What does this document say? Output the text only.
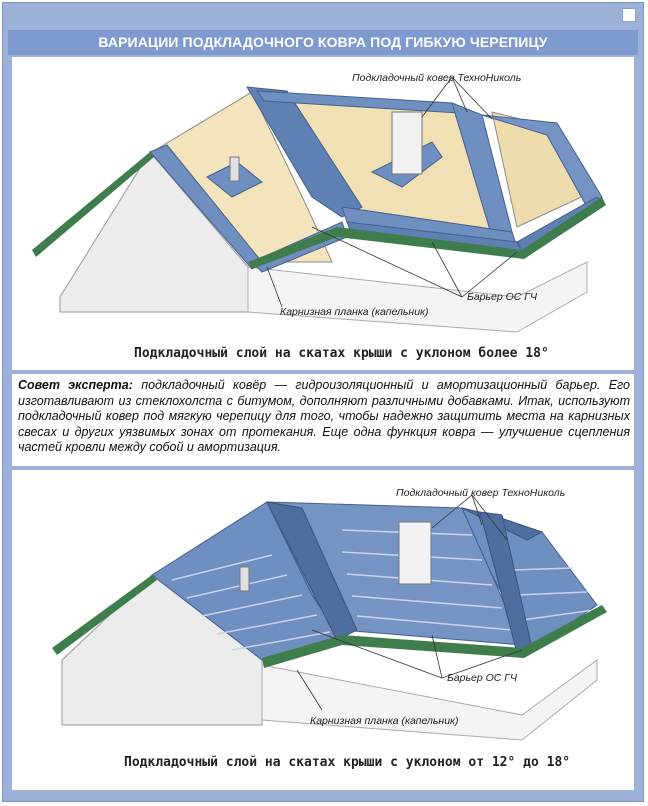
ВАРИАЦИИ ПОДКЛАДОЧНОГО КОВРА ПОД ГИБКУЮ ЧЕРЕПИЦУ
Подкладочный ковер ТехноНиколь
Барьер ОС ГЧ
Карнизная планка (капельник)
Подкладочный слой на скатах крыши с уклоном более 18°
Совет эксперта: подкладочный ковёр — гидроизоляционный и амортизационный барьер. Его изготавливают из стеклохолста с битумом, дополняют различными добавками. Итак, используют подкладочный ковер под мягкую черепицу для того, чтобы надежно защитить места на карнизных свесах и других уязвимых зонах от протекания. Еще одна функция ковра — улучшение сцепления частей кровли между собой и амортизация.
Подкладочный ковер ТехноНиколь
Барьер ОС ГЧ
Карнизная планка (капельник)
Подкладочный слой на скатах крыши с уклоном от 12° до 18°
